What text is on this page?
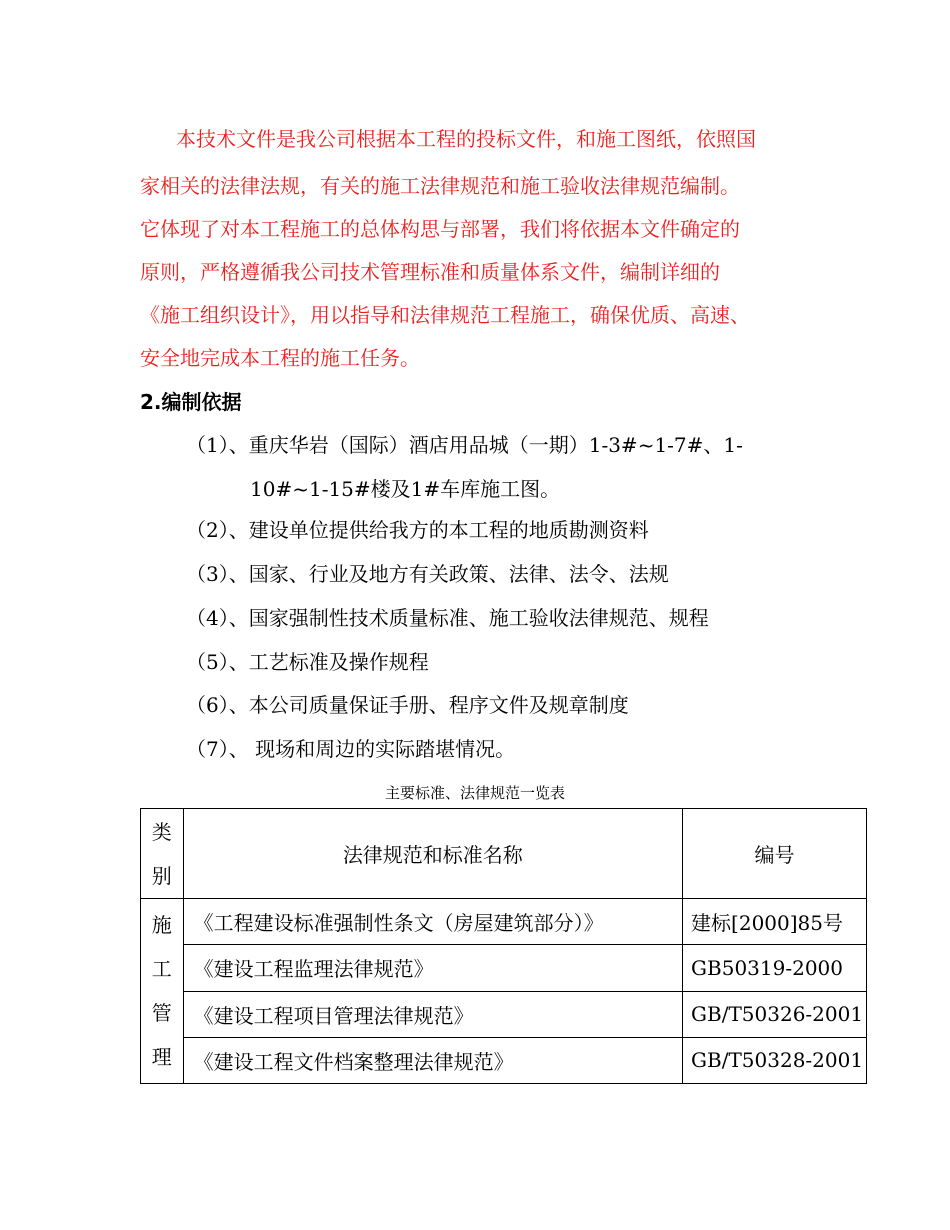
本技术文件是我公司根据本工程的投标文件，和施工图纸，依照国
家相关的法律法规，有关的施工法律规范和施工验收法律规范编制。
它体现了对本工程施工的总体构思与部署，我们将依据本文件确定的
原则，严格遵循我公司技术管理标准和质量体系文件，编制详细的
《施工组织设计》，用以指导和法律规范工程施工，确保优质、高速、
安全地完成本工程的施工任务。
2.编制依据
（1）、重庆华岩（国际）酒店用品城（一期）1-3#~1-7#、1-
10#~1-15#楼及1#车库施工图。
（2）、建设单位提供给我方的本工程的地质勘测资料
（3）、国家、行业及地方有关政策、法律、法令、法规
（4）、国家强制性技术质量标准、施工验收法律规范、规程
（5）、工艺标准及操作规程
（6）、本公司质量保证手册、程序文件及规章制度
（7）、 现场和周边的实际踏堪情况。
主要标准、法律规范一览表
类
别	法律规范和标准名称	编号

施
工
管
理	《工程建设标准强制性条文（房屋建筑部分）》	建标[2000]85号
	《建设工程监理法律规范》	GB50319-2000
	《建设工程项目管理法律规范》	GB/T50326-2001
	《建设工程文件档案整理法律规范》	GB/T50328-2001
